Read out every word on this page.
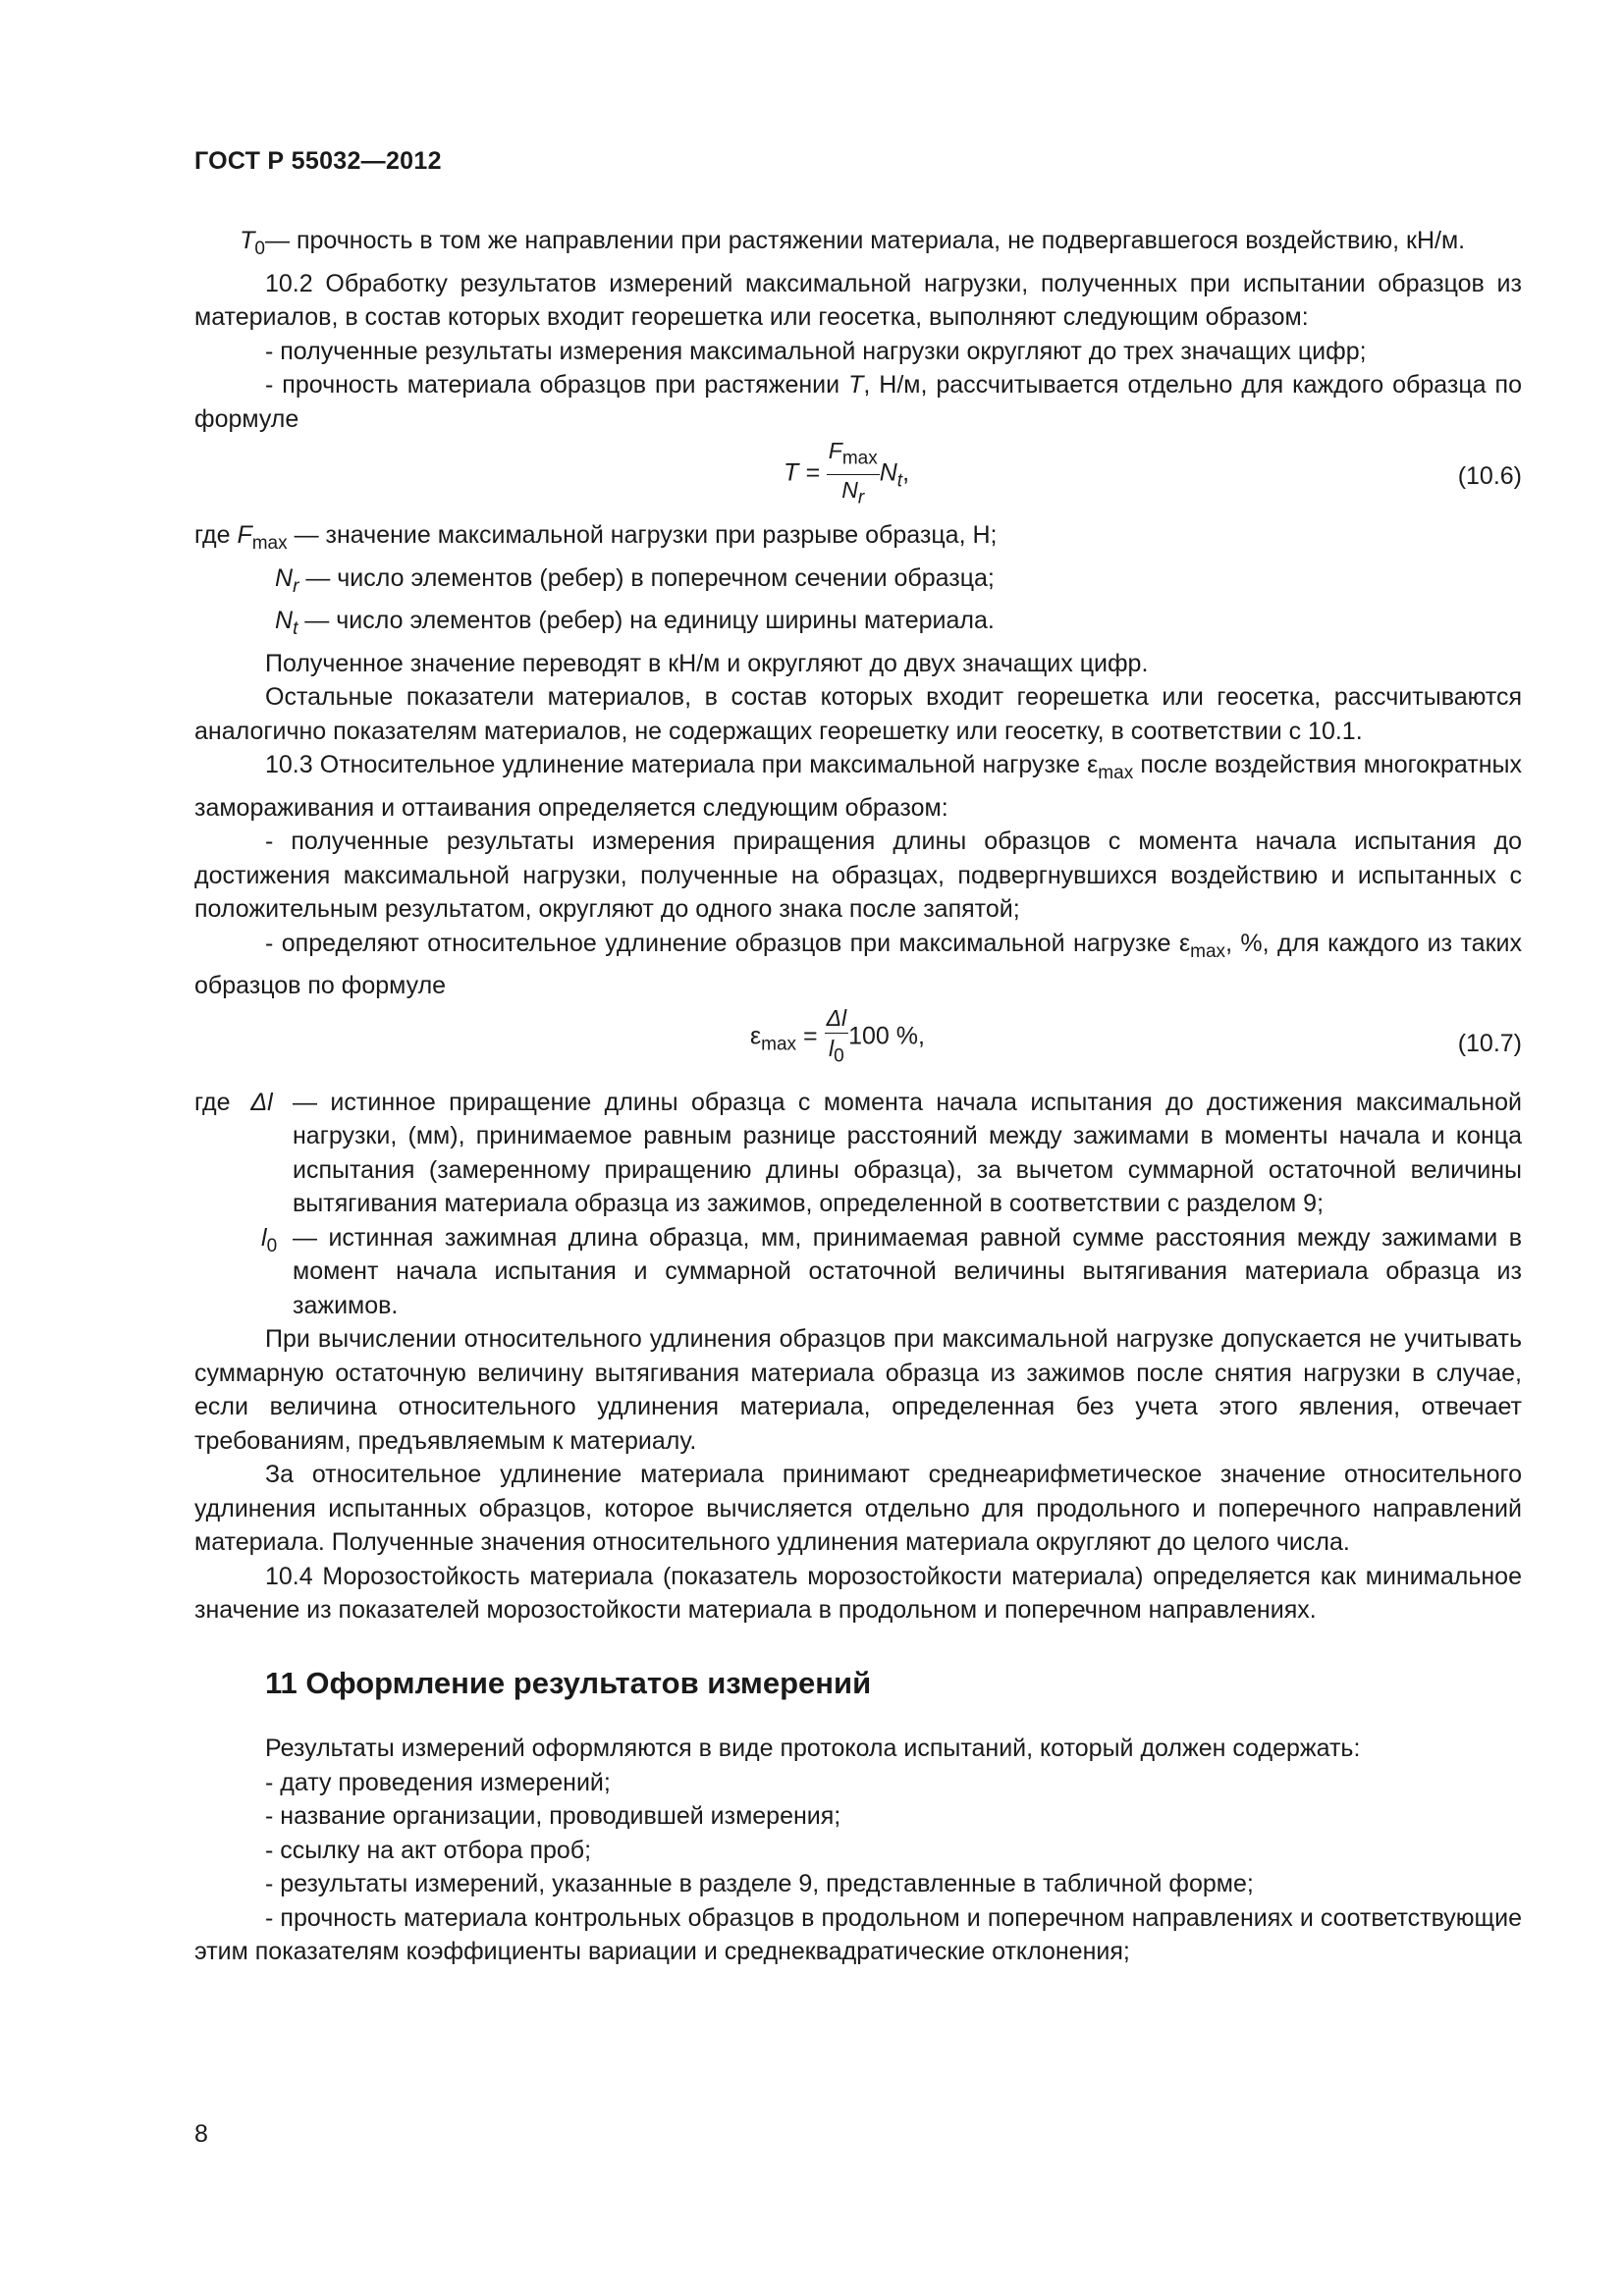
ГОСТ Р 55032—2012
$T_0$ — прочность в том же направлении при растяжении материала, не подвергавшегося воздействию, кН/м.

10.2 Обработку результатов измерений максимальной нагрузки, полученных при испытании образцов из материалов, в состав которых входит георешетка или геосетка, выполняют следующим образом:

- полученные результаты измерения максимальной нагрузки округляют до трех значащих цифр;

- прочность материала образцов при растяжении T, Н/м, рассчитывается отдельно для каждого образца по формуле

$T = \frac{F_{max}}{N_r} N_t$,	(10.6)
где $F_{max}$ — значение максимальной нагрузки при разрыве образца, Н;
$N_r$ — число элементов (ребер) в поперечном сечении образца;
$N_t$ — число элементов (ребер) на единицу ширины материала.

Полученное значение переводят в кН/м и округляют до двух значащих цифр.

Остальные показатели материалов, в состав которых входит георешетка или геосетка, рассчитываются аналогично показателям материалов, не содержащих георешетку или геосетку, в соответствии с 10.1.

10.3 Относительное удлинение материала при максимальной нагрузке $\varepsilon_{max}$ после воздействия многократных замораживания и оттаивания определяется следующим образом:

- полученные результаты измерения приращения длины образцов с момента начала испытания до достижения максимальной нагрузки, полученные на образцах, подвергнувшихся воздействию и испытанных с положительным результатом, округляют до одного знака после запятой;

- определяют относительное удлинение образцов при максимальной нагрузке $\varepsilon_{max}$, %, для каждого из таких образцов по формуле

$\varepsilon_{max} = \frac{\Delta l}{l_0} 100$ %,	(10.7)
где Δl — истинное приращение длины образца с момента начала испытания до достижения максимальной нагрузки, (мм), принимаемое равным разнице расстояний между зажимами в моменты начала и конца испытания (замеренному приращению длины образца), за вычетом суммарной остаточной величины вытягивания материала образца из зажимов, определенной в соответствии с разделом 9;
$l_0$ — истинная зажимная длина образца, мм, принимаемая равной сумме расстояния между зажимами в момент начала испытания и суммарной остаточной величины вытягивания материала образца из зажимов.

При вычислении относительного удлинения образцов при максимальной нагрузке допускается не учитывать суммарную остаточную величину вытягивания материала образца из зажимов после снятия нагрузки в случае, если величина относительного удлинения материала, определенная без учета этого явления, отвечает требованиям, предъявляемым к материалу.

За относительное удлинение материала принимают среднеарифметическое значение относительного удлинения испытанных образцов, которое вычисляется отдельно для продольного и поперечного направлений материала. Полученные значения относительного удлинения материала округляют до целого числа.

10.4 Морозостойкость материала (показатель морозостойкости материала) определяется как минимальное значение из показателей морозостойкости материала в продольном и поперечном направлениях.

11 Оформление результатов измерений

Результаты измерений оформляются в виде протокола испытаний, который должен содержать:

- дату проведения измерений;

- название организации, проводившей измерения;

- ссылку на акт отбора проб;

- результаты измерений, указанные в разделе 9, представленные в табличной форме;

- прочность материала контрольных образцов в продольном и поперечном направлениях и соответствующие этим показателям коэффициенты вариации и среднеквадратические отклонения;

8
